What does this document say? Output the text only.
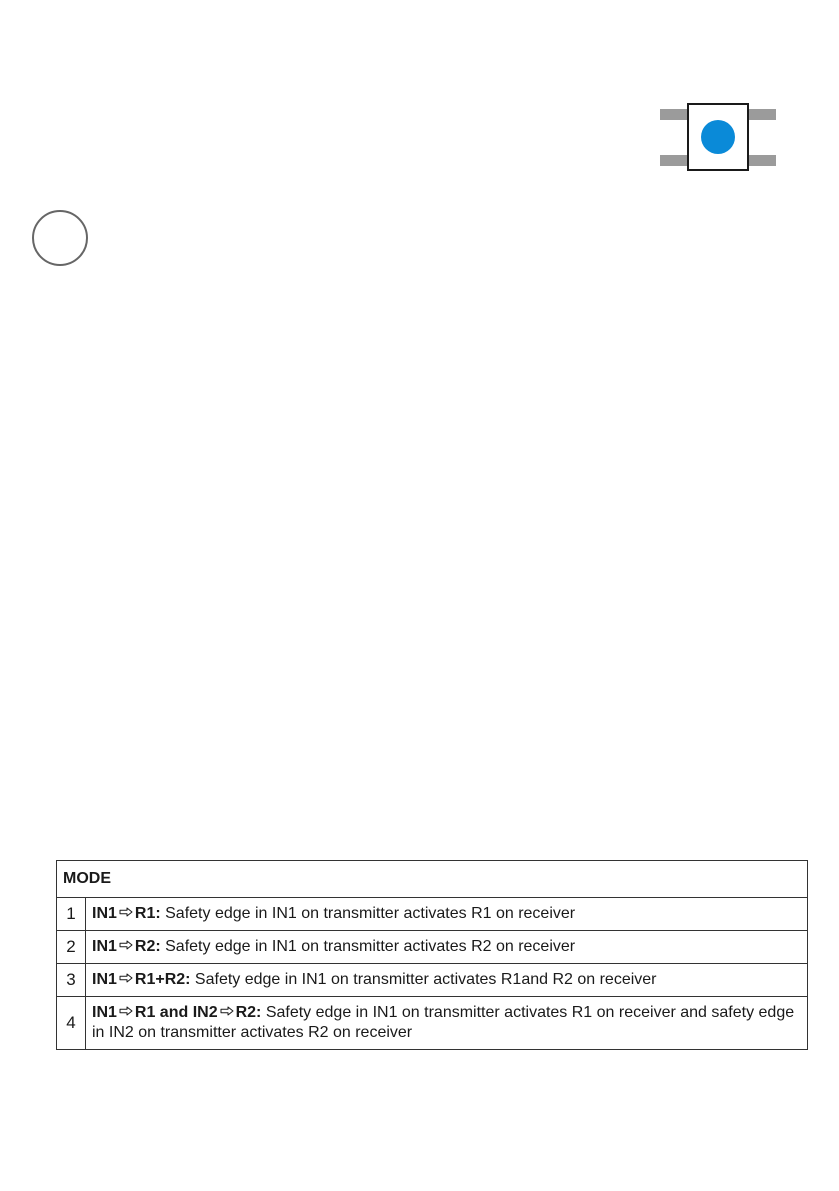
MODE	
1	IN1 R1: Safety edge in IN1 on transmitter activates R1 on receiver
2	IN1 R2: Safety edge in IN1 on transmitter activates R2 on receiver
3	IN1 R1+R2: Safety edge in IN1 on transmitter activates R1and R2 on receiver
4	IN1 R1 and IN2 R2: Safety edge in IN1 on transmitter activates R1 on receiver and safety edge in IN2 on transmitter activates R2 on receiver
